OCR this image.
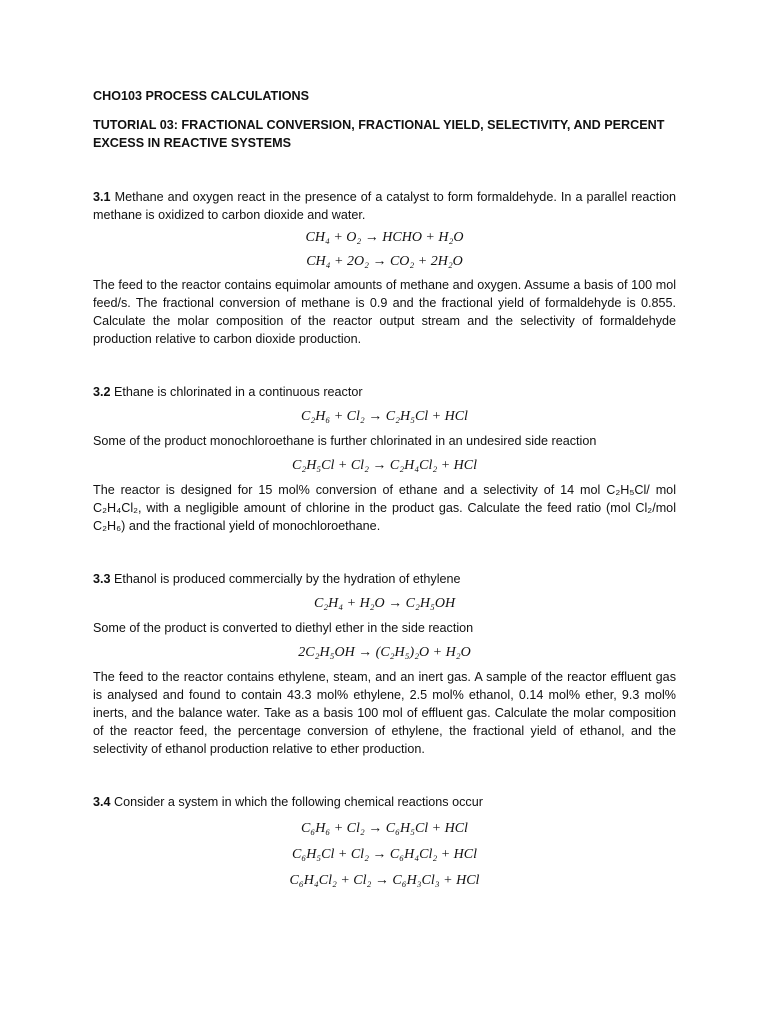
CHO103 PROCESS CALCULATIONS
TUTORIAL 03: FRACTIONAL CONVERSION, FRACTIONAL YIELD, SELECTIVITY, AND PERCENT EXCESS IN REACTIVE SYSTEMS

3.1 Methane and oxygen react in the presence of a catalyst to form formaldehyde. In a parallel reaction methane is oxidized to carbon dioxide and water.

CH₄ + O₂ → HCHO + H₂O
CH₄ + 2O₂ → CO₂ + 2H₂O

The feed to the reactor contains equimolar amounts of methane and oxygen. Assume a basis of 100 mol feed/s. The fractional conversion of methane is 0.9 and the fractional yield of formaldehyde is 0.855. Calculate the molar composition of the reactor output stream and the selectivity of formaldehyde production relative to carbon dioxide production.

3.2 Ethane is chlorinated in a continuous reactor

C₂H₆ + Cl₂ → C₂H₅Cl + HCl

Some of the product monochloroethane is further chlorinated in an undesired side reaction

C₂H₅Cl + Cl₂ → C₂H₄Cl₂ + HCl

The reactor is designed for 15 mol% conversion of ethane and a selectivity of 14 mol C₂H₅Cl/ mol C₂H₄Cl₂, with a negligible amount of chlorine in the product gas. Calculate the feed ratio (mol Cl₂/mol C₂H₆) and the fractional yield of monochloroethane.

3.3 Ethanol is produced commercially by the hydration of ethylene

C₂H₄ + H₂O → C₂H₅OH

Some of the product is converted to diethyl ether in the side reaction

2C₂H₅OH → (C₂H₅)₂O + H₂O

The feed to the reactor contains ethylene, steam, and an inert gas. A sample of the reactor effluent gas is analysed and found to contain 43.3 mol% ethylene, 2.5 mol% ethanol, 0.14 mol% ether, 9.3 mol% inerts, and the balance water. Take as a basis 100 mol of effluent gas. Calculate the molar composition of the reactor feed, the percentage conversion of ethylene, the fractional yield of ethanol, and the selectivity of ethanol production relative to ether production.

3.4 Consider a system in which the following chemical reactions occur

C₆H₆ + Cl₂ → C₆H₅Cl + HCl
C₆H₅Cl + Cl₂ → C₆H₄Cl₂ + HCl
C₆H₄Cl₂ + Cl₂ → C₆H₃Cl₃ + HCl
